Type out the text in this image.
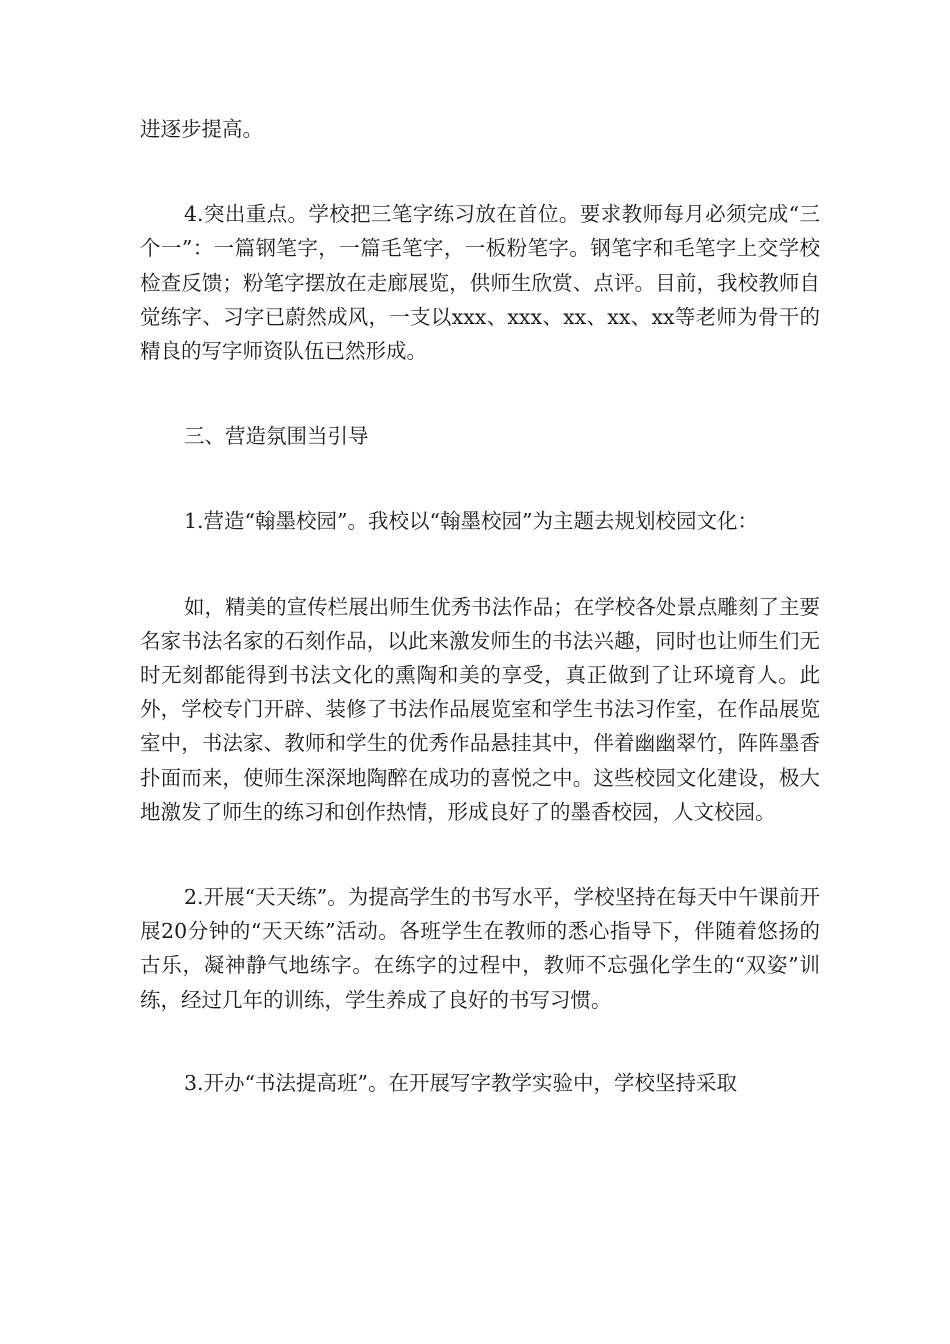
进逐步提高。

4.突出重点。学校把三笔字练习放在首位。要求教师每月必须完成“三个一”：一篇钢笔字，一篇毛笔字，一板粉笔字。钢笔字和毛笔字上交学校检查反馈；粉笔字摆放在走廊展览，供师生欣赏、点评。目前，我校教师自觉练字、习字已蔚然成风，一支以xxx、xxx、xx、xx、xx等老师为骨干的精良的写字师资队伍已然形成。

三、营造氛围当引导

1.营造“翰墨校园”。我校以“翰墨校园”为主题去规划校园文化：

如，精美的宣传栏展出师生优秀书法作品；在学校各处景点雕刻了主要名家书法名家的石刻作品，以此来激发师生的书法兴趣，同时也让师生们无时无刻都能得到书法文化的熏陶和美的享受，真正做到了让环境育人。此外，学校专门开辟、装修了书法作品展览室和学生书法习作室，在作品展览室中，书法家、教师和学生的优秀作品悬挂其中，伴着幽幽翠竹，阵阵墨香扑面而来，使师生深深地陶醉在成功的喜悦之中。这些校园文化建设，极大地激发了师生的练习和创作热情，形成良好了的墨香校园，人文校园。

2.开展“天天练”。为提高学生的书写水平，学校坚持在每天中午课前开展20分钟的“天天练”活动。各班学生在教师的悉心指导下，伴随着悠扬的古乐，凝神静气地练字。在练字的过程中，教师不忘强化学生的“双姿”训练，经过几年的训练，学生养成了良好的书写习惯。

3.开办“书法提高班”。在开展写字教学实验中，学校坚持采取
